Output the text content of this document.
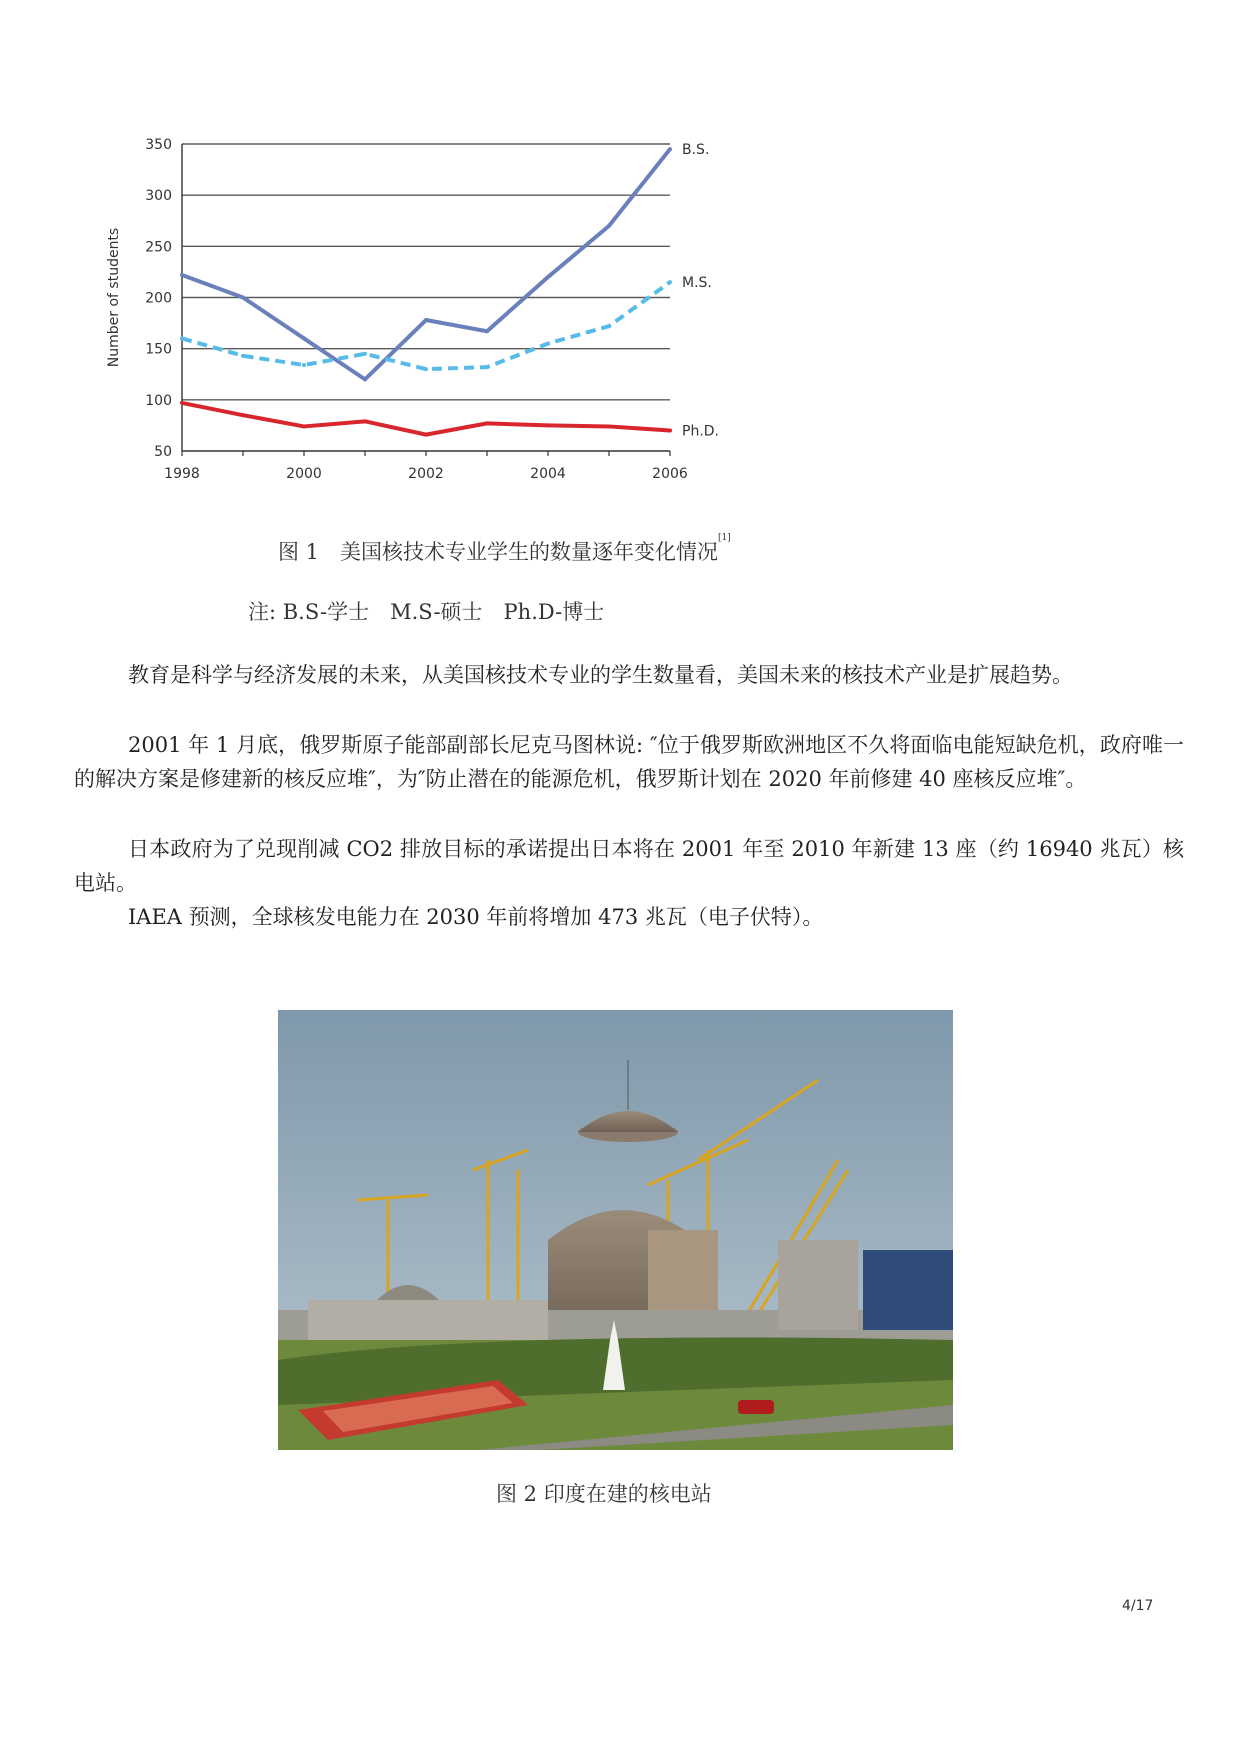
50
100
150
200
250
300
350
1998	2000	2002	2004	2006
Number of students
B.S.
M.S.
Ph.D.
图 1　美国核技术专业学生的数量逐年变化情况[1]
注: B.S-学士　M.S-硕士　Ph.D-博士
教育是科学与经济发展的未来，从美国核技术专业的学生数量看，美国未来的核技术产业是扩展趋势。
2001 年 1 月底，俄罗斯原子能部副部长尼克马图林说: ″位于俄罗斯欧洲地区不久将面临电能短缺危机，政府唯一的解决方案是修建新的核反应堆″，为″防止潜在的能源危机，俄罗斯计划在 2020 年前修建 40 座核反应堆″。
日本政府为了兑现削减 CO2 排放目标的承诺提出日本将在 2001 年至 2010 年新建 13 座（约 16940 兆瓦）核电站。
IAEA 预测，全球核发电能力在 2030 年前将增加 473 兆瓦（电子伏特）。
图 2 印度在建的核电站
4/17
